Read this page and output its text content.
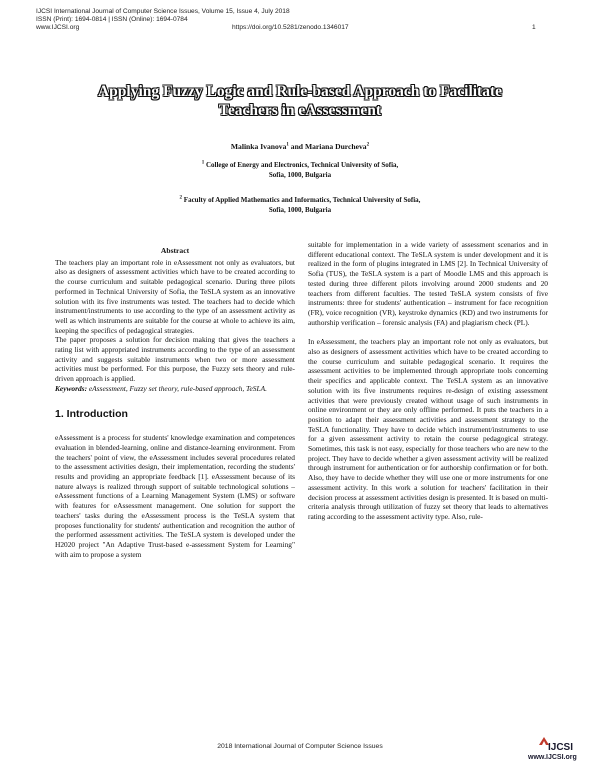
IJCSI International Journal of Computer Science Issues, Volume 15, Issue 4, July 2018
ISSN (Print): 1694-0814 | ISSN (Online): 1694-0784
www.IJCSI.org	https://doi.org/10.5281/zenodo.1346017	1
Applying Fuzzy Logic and Rule-based Approach to Facilitate
Teachers in eAssessment
Malinka Ivanova$^1$ and Mariana Durcheva$^2$
$^1$ College of Energy and Electronics, Technical University of Sofia,
Sofia, 1000, Bulgaria
$^2$ Faculty of Applied Mathematics and Informatics, Technical University of Sofia,
Sofia, 1000, Bulgaria
Abstract

The teachers play an important role in eAssessment not only as evaluators, but also as designers of assessment activities which have to be created according to the course curriculum and suitable pedagogical scenario. During three pilots performed in Technical University of Sofia, the TeSLA system as an innovative solution with its five instruments was tested. The teachers had to decide which instrument/instruments to use according to the type of an assessment activity as well as which instruments are suitable for the course at whole to achieve its aim, keeping the specifics of pedagogical strategies.

The paper proposes a solution for decision making that gives the teachers a rating list with appropriated instruments according to the type of an assessment activity and suggests suitable instruments when two or more assessment activities must be performed. For this purpose, the Fuzzy sets theory and rule-driven approach is applied.

Keywords: eAssessment, Fuzzy set theory, rule-based approach, TeSLA.

1. Introduction

eAssessment is a process for students' knowledge examination and competences evaluation in blended-learning, online and distance-learning environment. From the teachers' point of view, the eAssessment includes several procedures related to the assessment activities design, their implementation, recording the students' results and providing an appropriate feedback [1]. eAssessment because of its nature always is realized through support of suitable technological solutions – eAssessment functions of a Learning Management System (LMS) or software with features for eAssessment management. One solution for support the teachers' tasks during the eAssessment process is the TeSLA system that proposes functionality for students' authentication and recognition the author of the performed assessment activities. The TeSLA system is developed under the H2020 project "An Adaptive Trust-based e-assessment System for Learning" with aim to propose a system

suitable for implementation in a wide variety of assessment scenarios and in different educational context. The TeSLA system is under development and it is realized in the form of plugins integrated in LMS [2]. In Technical University of Sofia (TUS), the TeSLA system is a part of Moodle LMS and this approach is tested during three different pilots involving around 2000 students and 20 teachers from different faculties. The tested TeSLA system consists of five instruments: three for students' authentication – instrument for face recognition (FR), voice recognition (VR), keystroke dynamics (KD) and two instruments for authorship verification – forensic analysis (FA) and plagiarism check (PL).

In eAssessment, the teachers play an important role not only as evaluators, but also as designers of assessment activities which have to be created according to the course curriculum and suitable pedagogical scenario. It requires the assessment activities to be implemented through appropriate tools concerning their specifics and applicable context. The TeSLA system as an innovative solution with its five instruments requires re-design of existing assessment activities that were previously created without usage of such instruments in online environment or they are only offline performed. It puts the teachers in a position to adapt their assessment activities and assessment strategy to the TeSLA functionality. They have to decide which instrument/instruments to use for a given assessment activity to retain the course pedagogical strategy. Sometimes, this task is not easy, especially for those teachers who are new to the project. They have to decide whether a given assessment activity will be realized through instrument for authentication or for authorship confirmation or for both. Also, they have to decide whether they will use one or more instruments for one assessment activity. In this work a solution for teachers' facilitation in their decision process at assessment activities design is presented. It is based on multi-criteria analysis through utilization of fuzzy set theory that leads to alternatives rating according to the assessment activity type. Also, rule-

2018 International Journal of Computer Science Issues	IJCSI
www.IJCSI.org
